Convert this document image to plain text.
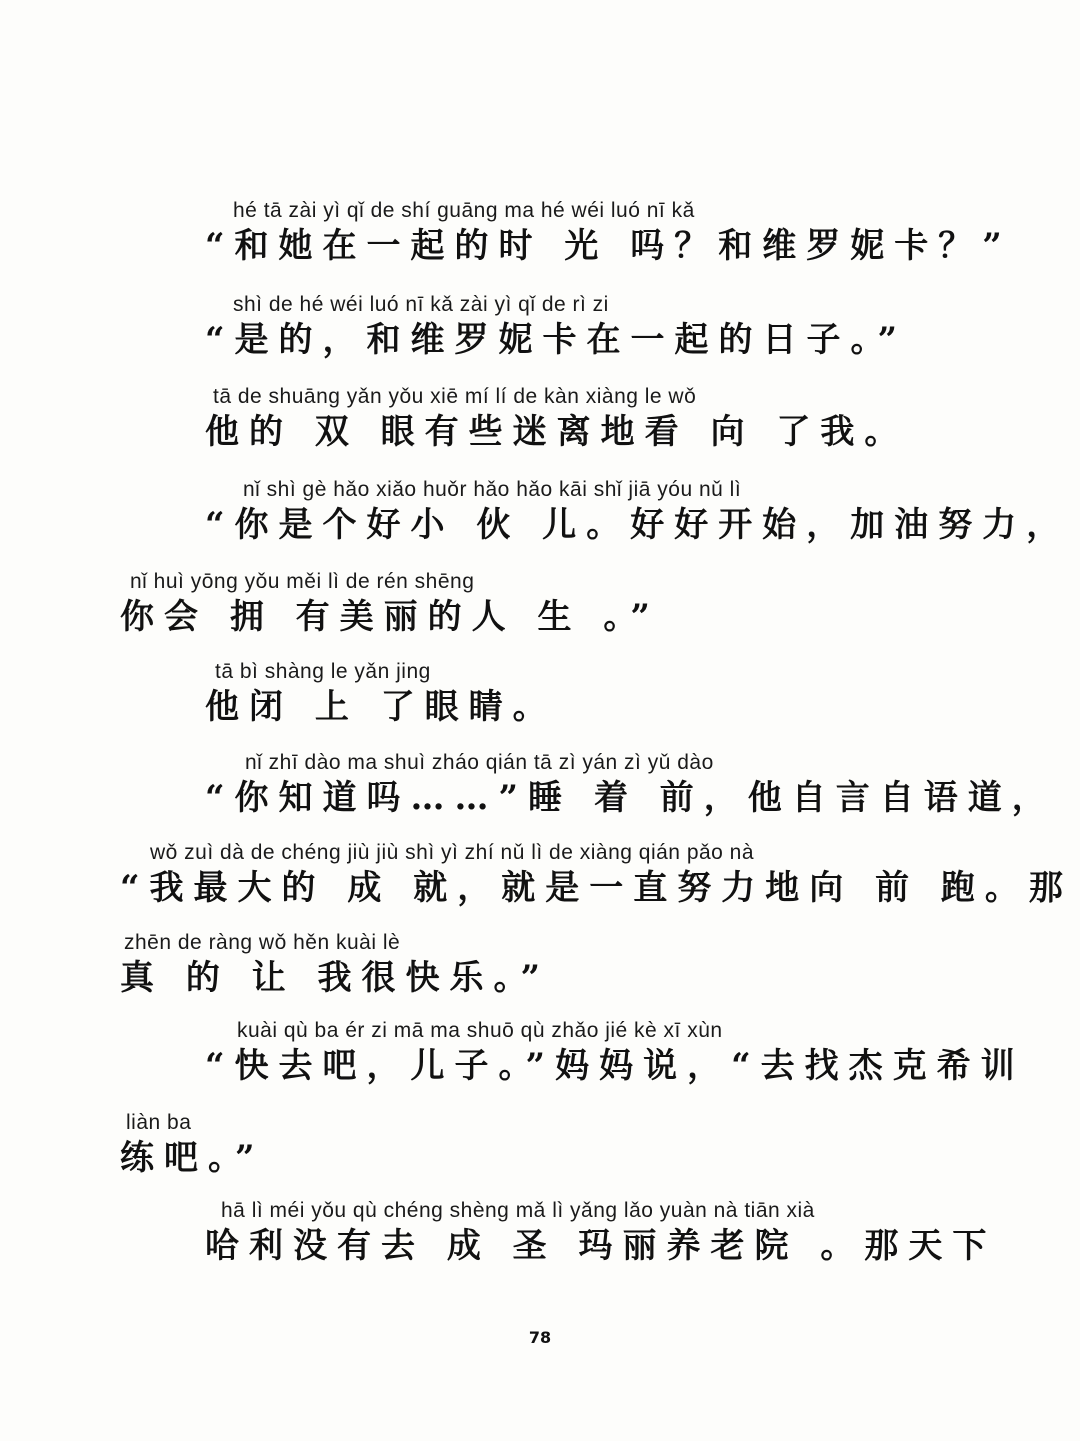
hé tā zài yì qǐ de shí guāng ma hé wéi luó nī kǎ
“和她在一起的时 光 吗？和维罗妮卡？”
shì de hé wéi luó nī kǎ zài yì qǐ de rì zi
“是的，和维罗妮卡在一起的日子。”
tā de shuāng yǎn yǒu xiē mí lí de kàn xiàng le wǒ
他的 双 眼有些迷离地看 向 了我。
nǐ shì gè hǎo xiǎo huǒr hǎo hǎo kāi shǐ jiā yóu nǔ lì
“你是个好小 伙 儿。好好开始，加油努力，
nǐ huì yōng yǒu měi lì de rén shēng
你会 拥 有美丽的人 生 。”
tā bì shàng le yǎn jing
他闭 上 了眼睛。
nǐ zhī dào ma shuì zháo qián tā zì yán zì yǔ dào
“你知道吗……”睡 着 前，他自言自语道，
wǒ zuì dà de chéng jiù jiù shì yì zhí nǔ lì de xiàng qián pǎo nà
“我最大的 成 就，就是一直努力地向 前 跑。那
zhēn de ràng wǒ hěn kuài lè
真 的 让 我很快乐。”
kuài qù ba ér zi mā ma shuō qù zhǎo jié kè xī xùn
“快去吧，儿子。”妈妈说，“去找杰克希训
liàn ba
练吧。”
hā lì méi yǒu qù chéng shèng mǎ lì yǎng lǎo yuàn nà tiān xià
哈利没有去 成 圣 玛丽养老院 。那天下
78
